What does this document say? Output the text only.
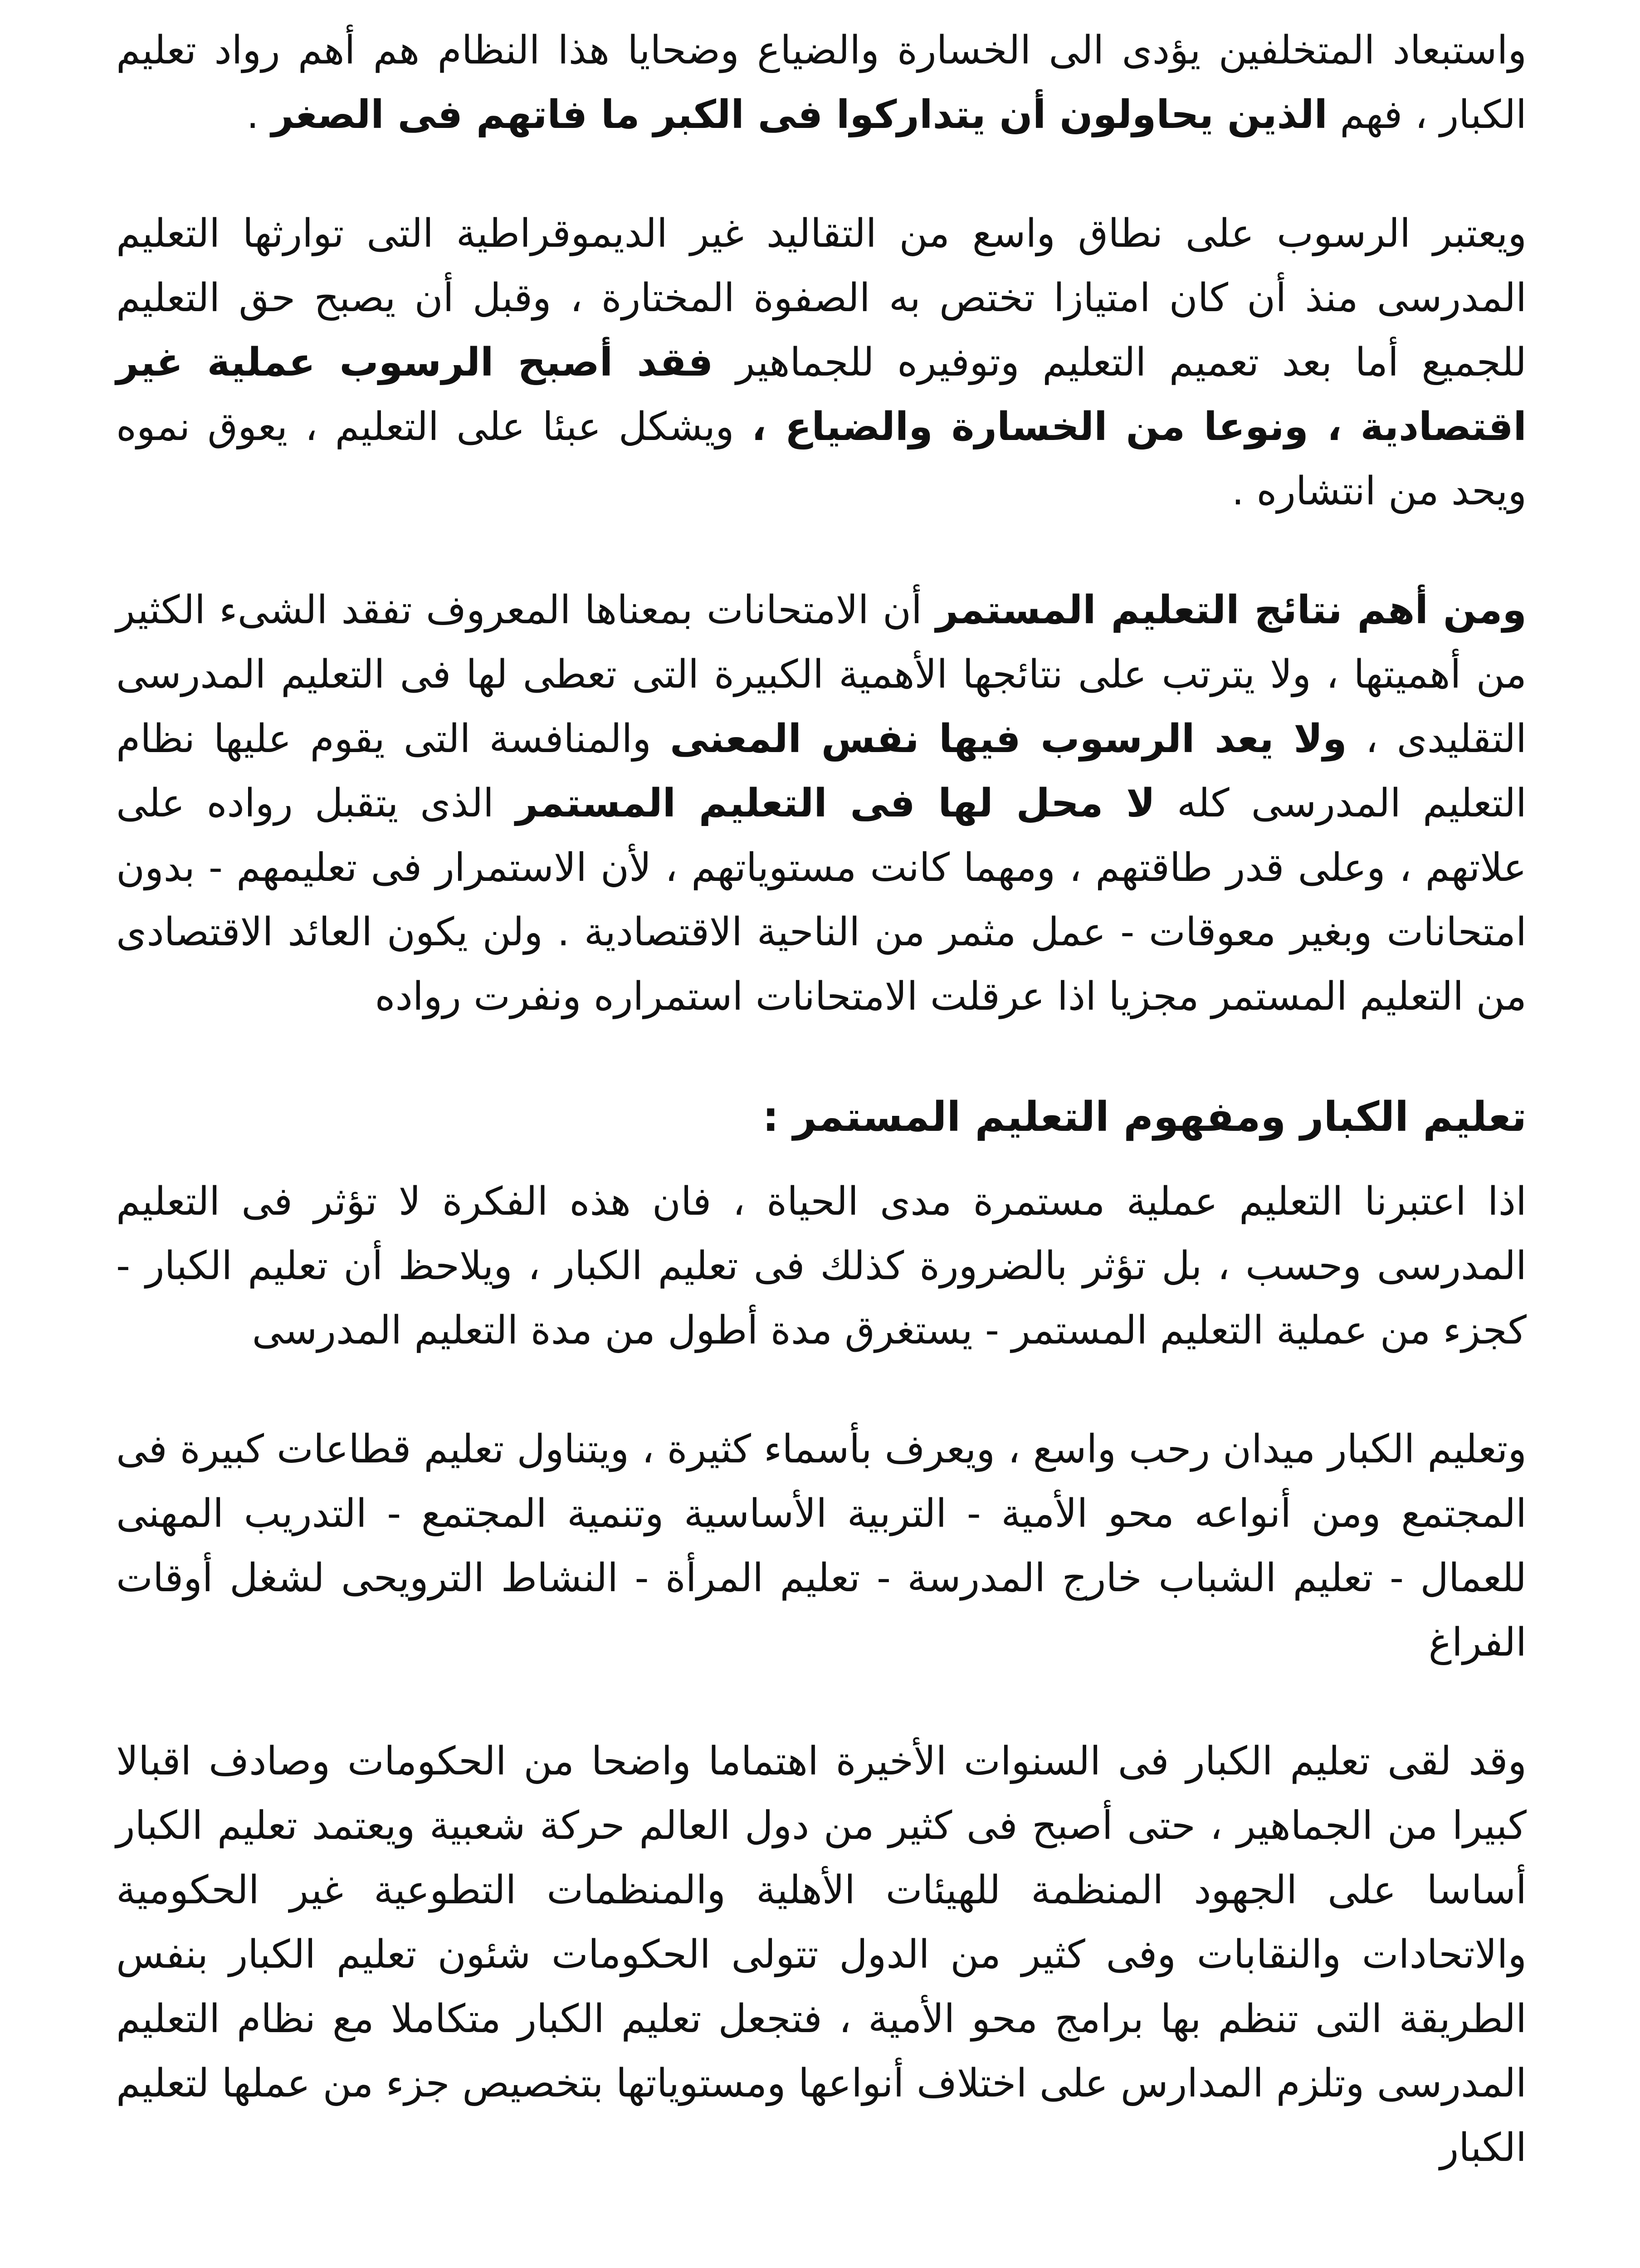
واستبعاد المتخلفين يؤدى الى الخسارة والضياع وضحايا هذا النظام هم أهم رواد تعليم الكبار ، فهم الذين يحاولون أن يتداركوا فى الكبر ما فاتهم فى الصغر .

ويعتبر الرسوب على نطاق واسع من التقاليد غير الديموقراطية التى توارثها التعليم المدرسى منذ أن كان امتيازا تختص به الصفوة المختارة ، وقبل أن يصبح حق التعليم للجميع أما بعد تعميم التعليم وتوفيره للجماهير فقد أصبح الرسوب عملية غير اقتصادية ، ونوعا من الخسارة والضياع ، ويشكل عبئا على التعليم ، يعوق نموه ويحد من انتشاره .

ومن أهم نتائج التعليم المستمر أن الامتحانات بمعناها المعروف تفقد الشىء الكثير من أهميتها ، ولا يترتب على نتائجها الأهمية الكبيرة التى تعطى لها فى التعليم المدرسى التقليدى ، ولا يعد الرسوب فيها نفس المعنى والمنافسة التى يقوم عليها نظام التعليم المدرسى كله لا محل لها فى التعليم المستمر الذى يتقبل رواده على علاتهم ، وعلى قدر طاقتهم ، ومهما كانت مستوياتهم ، لأن الاستمرار فى تعليمهم - بدون امتحانات وبغير معوقات - عمل مثمر من الناحية الاقتصادية . ولن يكون العائد الاقتصادى من التعليم المستمر مجزيا اذا عرقلت الامتحانات استمراره ونفرت رواده

تعليم الكبار ومفهوم التعليم المستمر :

اذا اعتبرنا التعليم عملية مستمرة مدى الحياة ، فان هذه الفكرة لا تؤثر فى التعليم المدرسى وحسب ، بل تؤثر بالضرورة كذلك فى تعليم الكبار ، ويلاحظ أن تعليم الكبار - كجزء من عملية التعليم المستمر - يستغرق مدة أطول من مدة التعليم المدرسى

وتعليم الكبار ميدان رحب واسع ، ويعرف بأسماء كثيرة ، ويتناول تعليم قطاعات كبيرة فى المجتمع ومن أنواعه محو الأمية - التربية الأساسية وتنمية المجتمع - التدريب المهنى للعمال - تعليم الشباب خارج المدرسة - تعليم المرأة - النشاط الترويحى لشغل أوقات الفراغ

وقد لقى تعليم الكبار فى السنوات الأخيرة اهتماما واضحا من الحكومات وصادف اقبالا كبيرا من الجماهير ، حتى أصبح فى كثير من دول العالم حركة شعبية ويعتمد تعليم الكبار أساسا على الجهود المنظمة للهيئات الأهلية والمنظمات التطوعية غير الحكومية والاتحادات والنقابات وفى كثير من الدول تتولى الحكومات شئون تعليم الكبار بنفس الطريقة التى تنظم بها برامج محو الأمية ، فتجعل تعليم الكبار متكاملا مع نظام التعليم المدرسى وتلزم المدارس على اختلاف أنواعها ومستوياتها بتخصيص جزء من عملها لتعليم الكبار
